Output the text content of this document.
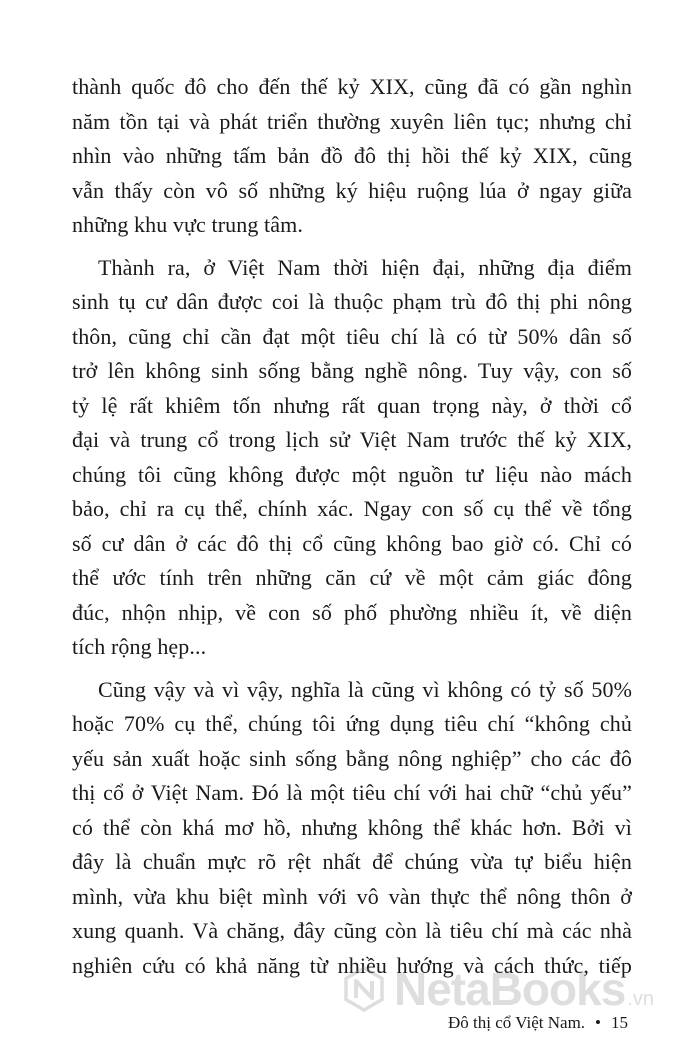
thành quốc đô cho đến thế kỷ XIX, cũng đã có gần nghìn
năm tồn tại và phát triển thường xuyên liên tục; nhưng chỉ
nhìn vào những tấm bản đồ đô thị hồi thế kỷ XIX, cũng
vẫn thấy còn vô số những ký hiệu ruộng lúa ở ngay giữa
những khu vực trung tâm.
Thành ra, ở Việt Nam thời hiện đại, những địa điểm
sinh tụ cư dân được coi là thuộc phạm trù đô thị phi nông
thôn, cũng chỉ cần đạt một tiêu chí là có từ 50% dân số
trở lên không sinh sống bằng nghề nông. Tuy vậy, con số
tỷ lệ rất khiêm tốn nhưng rất quan trọng này, ở thời cổ
đại và trung cổ trong lịch sử Việt Nam trước thế kỷ XIX,
chúng tôi cũng không được một nguồn tư liệu nào mách
bảo, chỉ ra cụ thể, chính xác. Ngay con số cụ thể về tổng
số cư dân ở các đô thị cổ cũng không bao giờ có. Chỉ có
thể ước tính trên những căn cứ về một cảm giác đông
đúc, nhộn nhịp, về con số phố phường nhiều ít, về diện
tích rộng hẹp...
Cũng vậy và vì vậy, nghĩa là cũng vì không có tỷ số 50%
hoặc 70% cụ thể, chúng tôi ứng dụng tiêu chí “không chủ
yếu sản xuất hoặc sinh sống bằng nông nghiệp” cho các đô
thị cổ ở Việt Nam. Đó là một tiêu chí với hai chữ “chủ yếu”
có thể còn khá mơ hồ, nhưng không thể khác hơn. Bởi vì
đây là chuẩn mực rõ rệt nhất để chúng vừa tự biểu hiện
mình, vừa khu biệt mình với vô vàn thực thể nông thôn ở
xung quanh. Và chăng, đây cũng còn là tiêu chí mà các nhà
nghiên cứu có khả năng từ nhiều hướng và cách thức, tiếp
NetaBooks .vn
Đô thị cổ Việt Nam. • 15
